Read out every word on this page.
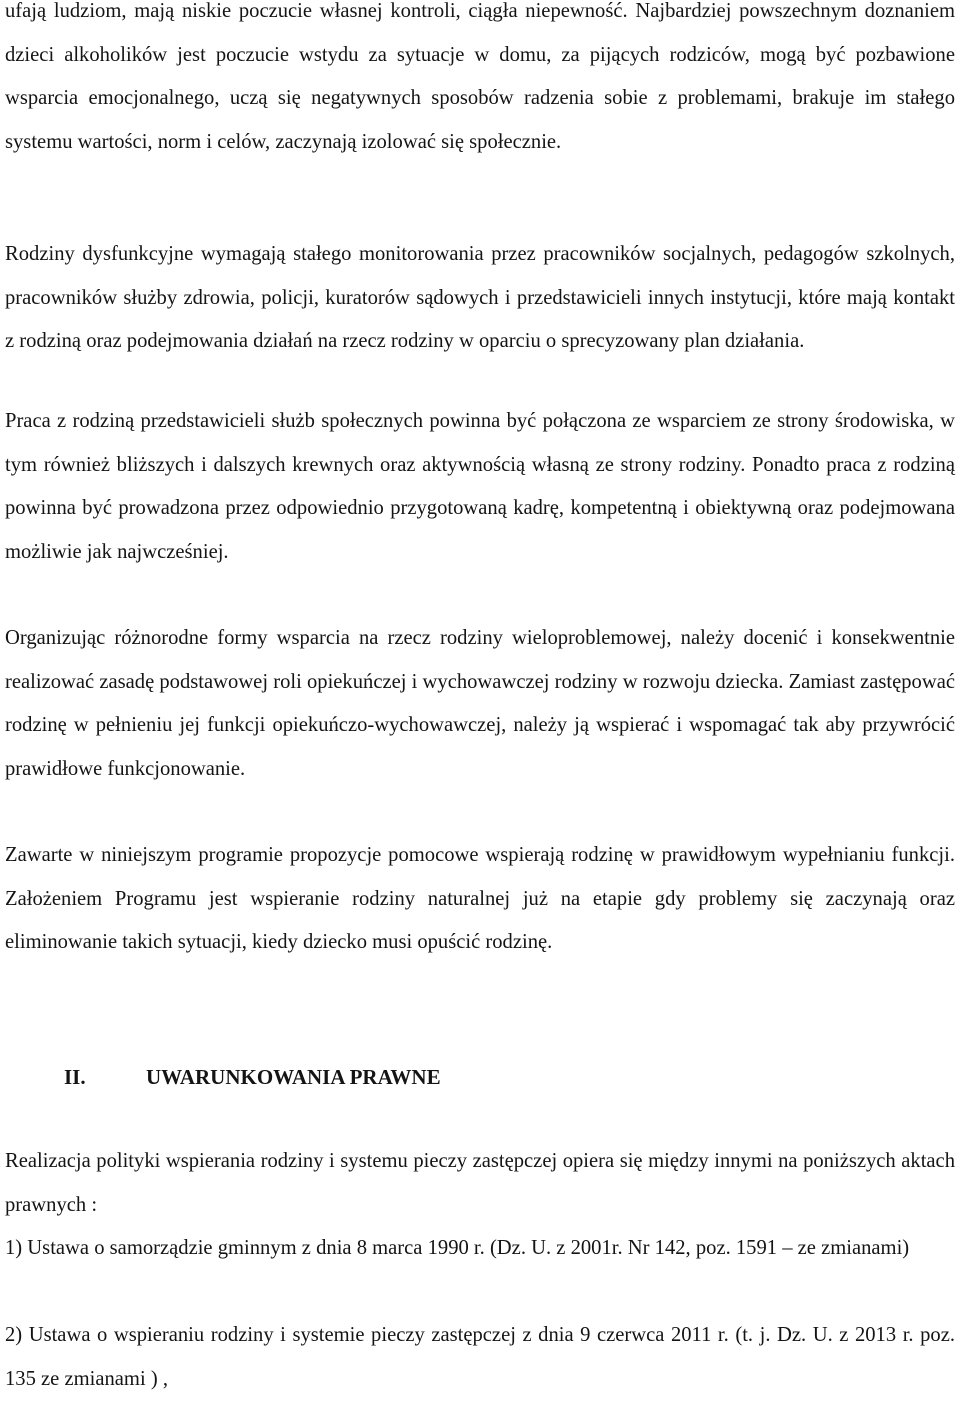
ufają ludziom, mają niskie poczucie własnej kontroli, ciągła niepewność. Najbardziej powszechnym doznaniem dzieci alkoholików jest poczucie wstydu za sytuacje w domu, za pijących rodziców, mogą być pozbawione wsparcia emocjonalnego, uczą się negatywnych sposobów radzenia sobie z problemami, brakuje im stałego systemu wartości, norm i celów, zaczynają izolować się społecznie.

Rodziny dysfunkcyjne wymagają stałego monitorowania przez pracowników socjalnych, pedagogów szkolnych, pracowników służby zdrowia, policji, kuratorów sądowych i przedstawicieli innych instytucji, które mają kontakt z rodziną oraz podejmowania działań na rzecz rodziny w oparciu o sprecyzowany plan działania.

Praca z rodziną przedstawicieli służb społecznych powinna być połączona ze wsparciem ze strony środowiska, w tym również bliższych i dalszych krewnych oraz aktywnością własną ze strony rodziny. Ponadto praca z rodziną powinna być prowadzona przez odpowiednio przygotowaną kadrę, kompetentną i obiektywną oraz podejmowana możliwie jak najwcześniej.

Organizując różnorodne formy wsparcia na rzecz rodziny wieloproblemowej, należy docenić i konsekwentnie realizować zasadę podstawowej roli opiekuńczej i wychowawczej rodziny w rozwoju dziecka. Zamiast zastępować rodzinę w pełnieniu jej funkcji opiekuńczo-wychowawczej, należy ją wspierać i wspomagać tak aby przywrócić prawidłowe funkcjonowanie.

Zawarte w niniejszym programie propozycje pomocowe wspierają rodzinę w prawidłowym wypełnianiu funkcji. Założeniem Programu jest wspieranie rodziny naturalnej już na etapie gdy problemy się zaczynają oraz eliminowanie takich sytuacji, kiedy dziecko musi opuścić rodzinę.

II.	UWARUNKOWANIA PRAWNE

Realizacja polityki wspierania rodziny i systemu pieczy zastępczej opiera się między innymi na poniższych aktach prawnych :

1) Ustawa o samorządzie gminnym z dnia 8 marca 1990 r. (Dz. U. z 2001r. Nr 142, poz. 1591 – ze zmianami)

2) Ustawa o wspieraniu rodziny i systemie pieczy zastępczej z dnia 9 czerwca 2011 r. (t. j. Dz. U. z 2013 r. poz. 135 ze zmianami ) ,
